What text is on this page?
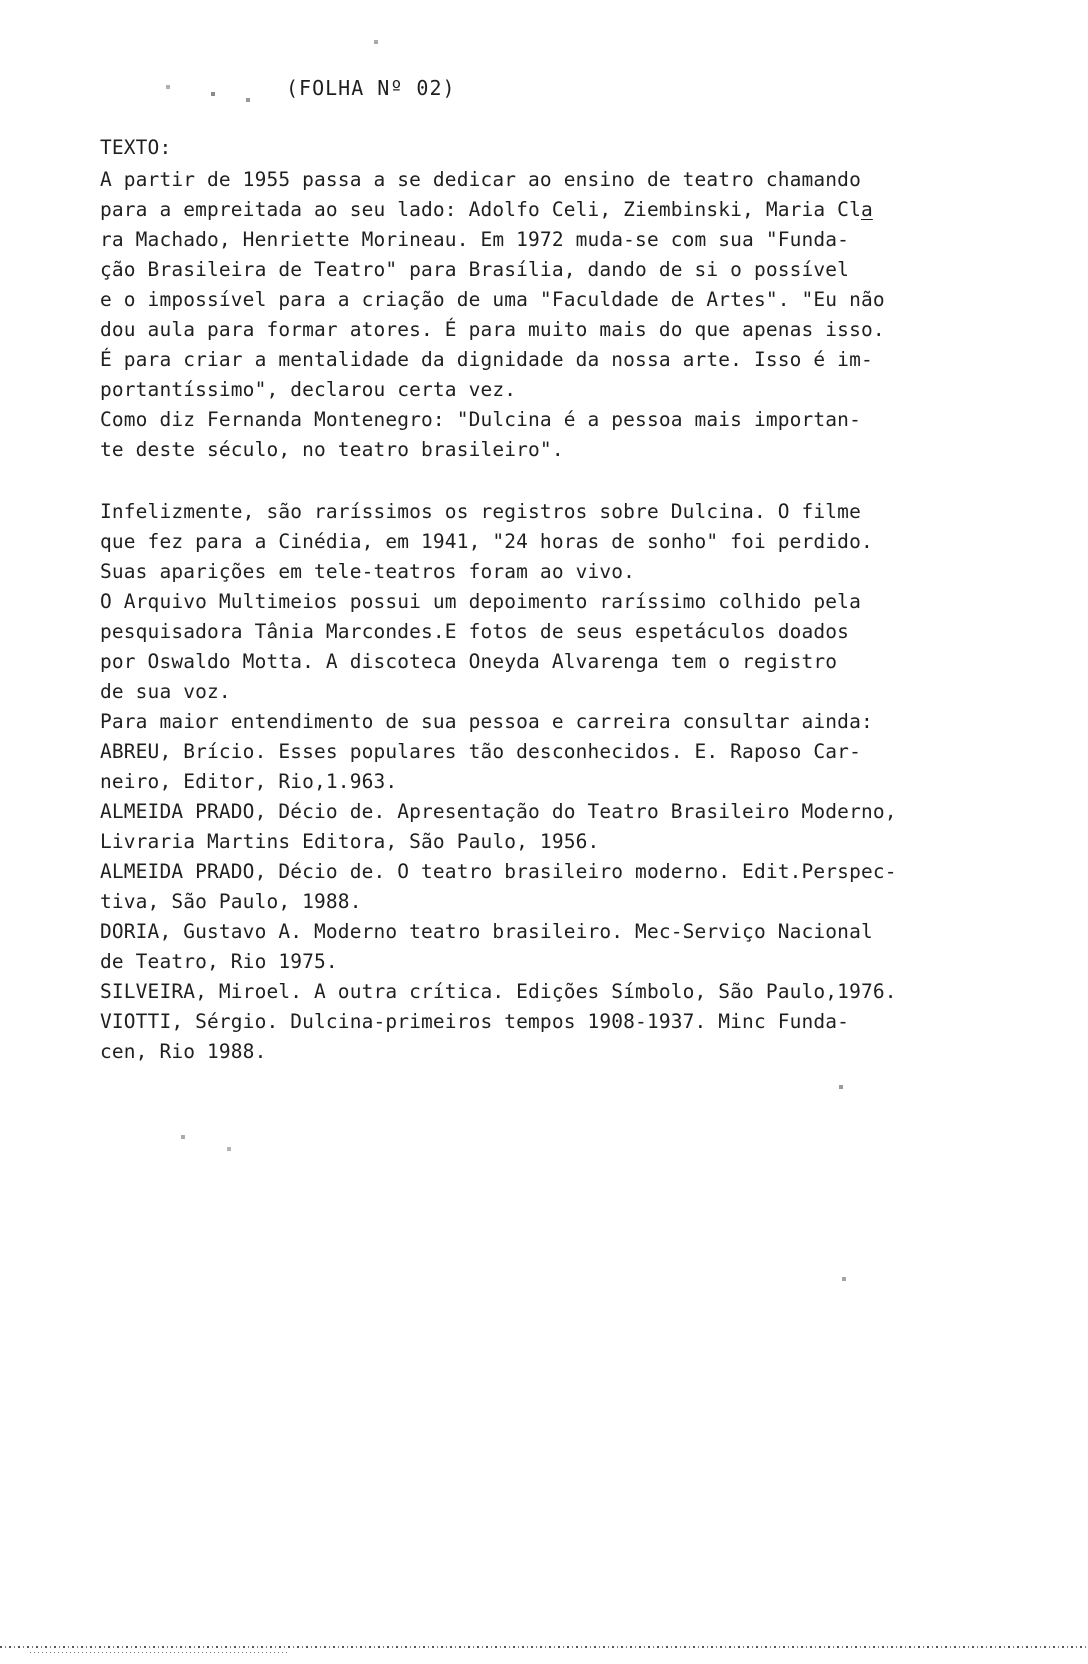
(FOLHA Nº 02)
TEXTO:
A partir de 1955 passa a se dedicar ao ensino de teatro chamando
para a empreitada ao seu lado: Adolfo Celi, Ziembinski, Maria Cla
ra Machado, Henriette Morineau. Em 1972 muda-se com sua "Funda-
ção Brasileira de Teatro" para Brasília, dando de si o possível
e o impossível para a criação de uma "Faculdade de Artes". "Eu não
dou aula para formar atores. É para muito mais do que apenas isso.
É para criar a mentalidade da dignidade da nossa arte. Isso é im-
portantíssimo", declarou certa vez.
Como diz Fernanda Montenegro: "Dulcina é a pessoa mais importan-
te deste século, no teatro brasileiro".
Infelizmente, são raríssimos os registros sobre Dulcina. O filme
que fez para a Cinédia, em 1941, "24 horas de sonho" foi perdido.
Suas aparições em tele-teatros foram ao vivo.
O Arquivo Multimeios possui um depoimento raríssimo colhido pela
pesquisadora Tânia Marcondes.E fotos de seus espetáculos doados
por Oswaldo Motta. A discoteca Oneyda Alvarenga tem o registro
de sua voz.
Para maior entendimento de sua pessoa e carreira consultar ainda:
ABREU, Brício. Esses populares tão desconhecidos. E. Raposo Car-
neiro, Editor, Rio,1.963.
ALMEIDA PRADO, Décio de. Apresentação do Teatro Brasileiro Moderno,
Livraria Martins Editora, São Paulo, 1956.
ALMEIDA PRADO, Décio de. O teatro brasileiro moderno. Edit.Perspec-
tiva, São Paulo, 1988.
DORIA, Gustavo A. Moderno teatro brasileiro. Mec-Serviço Nacional
de Teatro, Rio 1975.
SILVEIRA, Miroel. A outra crítica. Edições Símbolo, São Paulo,1976.
VIOTTI, Sérgio. Dulcina-primeiros tempos 1908-1937. Minc Funda-
cen, Rio 1988.
